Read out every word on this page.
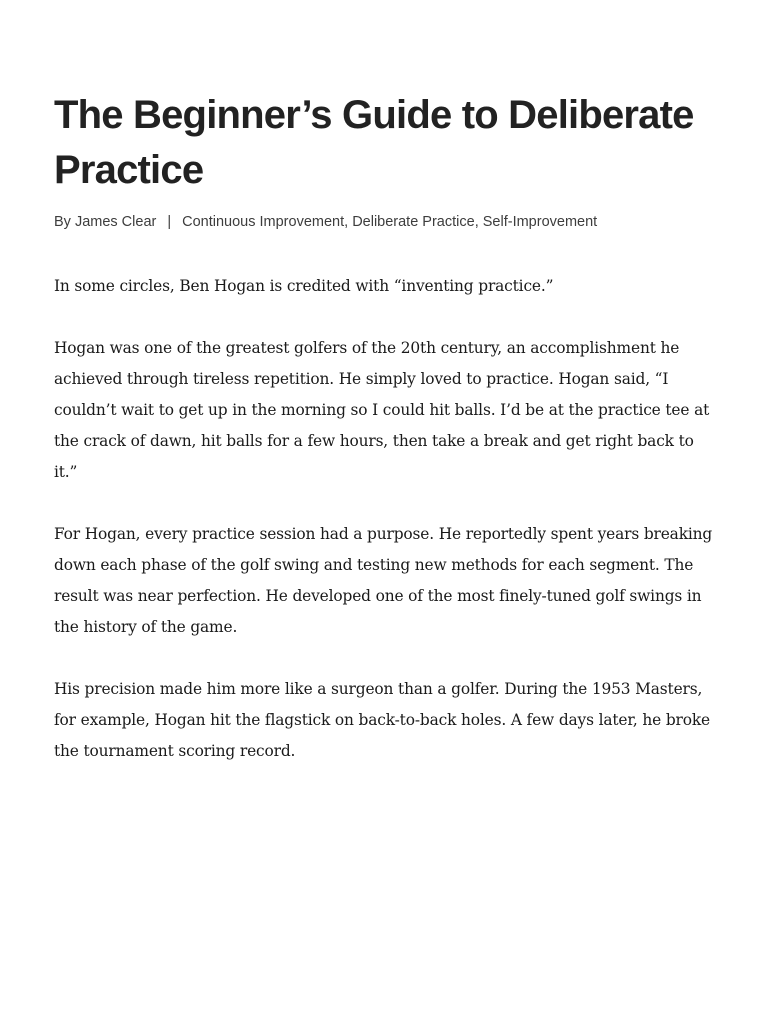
The Beginner’s Guide to Deliberate Practice
By James Clear | Continuous Improvement, Deliberate Practice, Self-Improvement

In some circles, Ben Hogan is credited with “inventing practice.”

Hogan was one of the greatest golfers of the 20th century, an accomplishment he achieved through tireless repetition. He simply loved to practice. Hogan said, “I couldn’t wait to get up in the morning so I could hit balls. I’d be at the practice tee at the crack of dawn, hit balls for a few hours, then take a break and get right back to it.”

For Hogan, every practice session had a purpose. He reportedly spent years breaking down each phase of the golf swing and testing new methods for each segment. The result was near perfection. He developed one of the most finely-tuned golf swings in the history of the game.

His precision made him more like a surgeon than a golfer. During the 1953 Masters, for example, Hogan hit the flagstick on back-to-back holes. A few days later, he broke the tournament scoring record.
